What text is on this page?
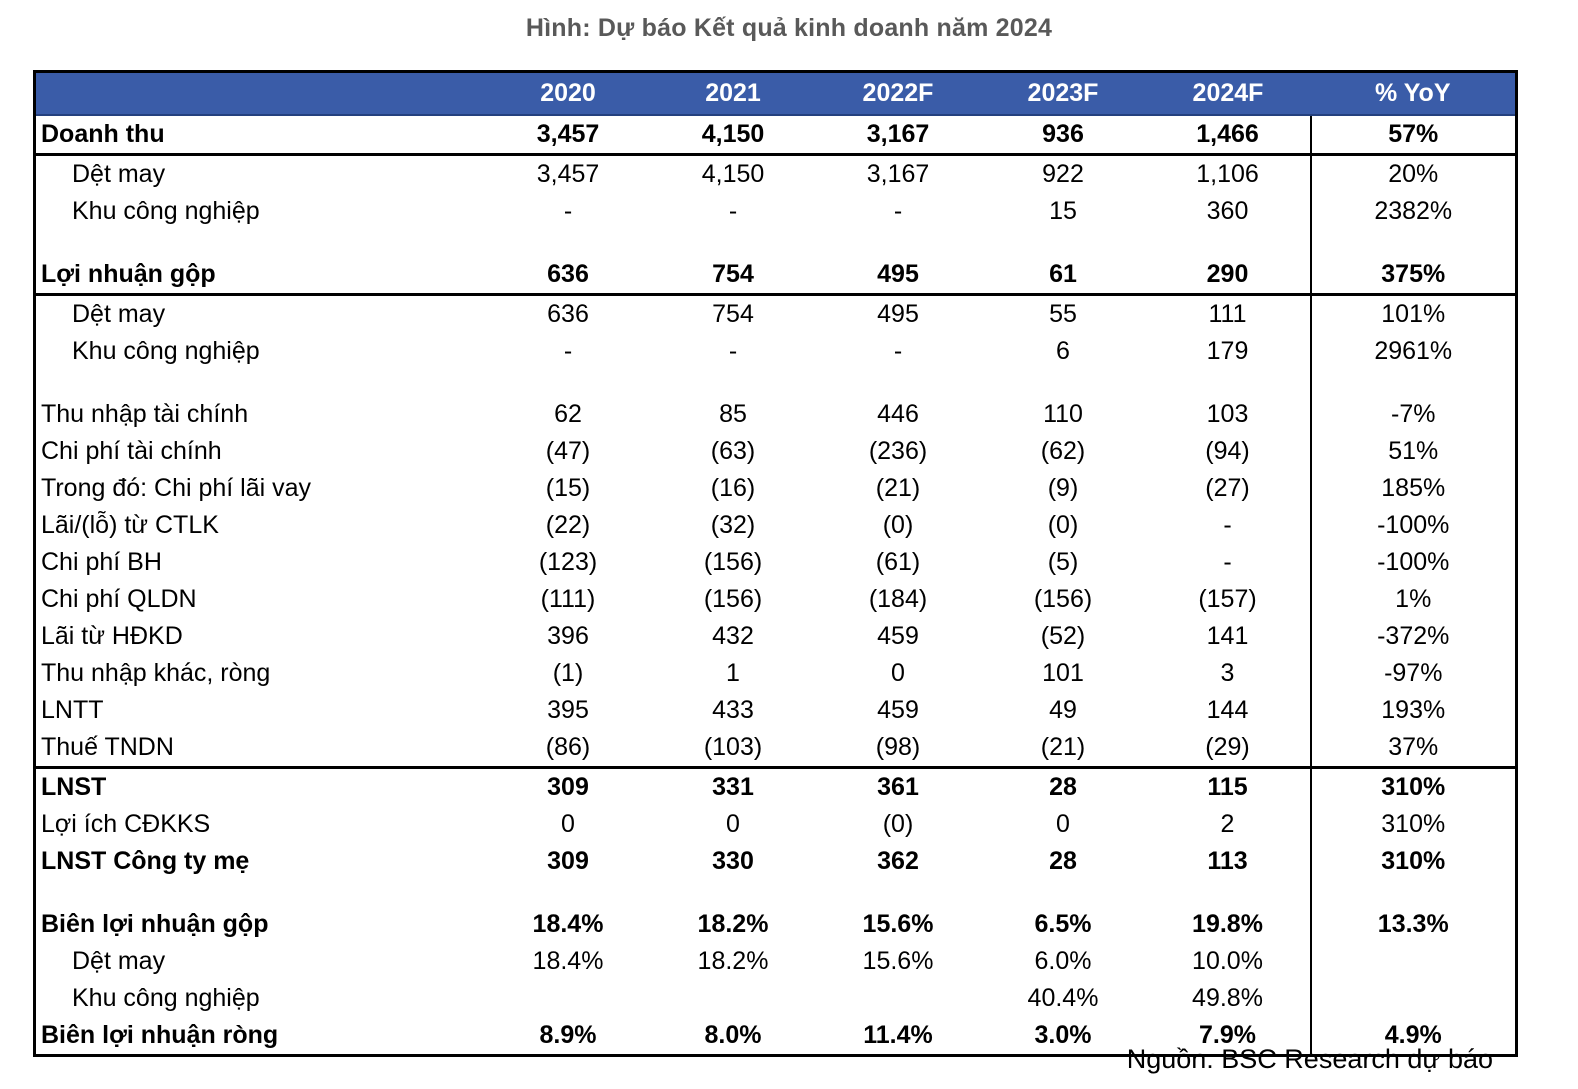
Hình: Dự báo Kết quả kinh doanh năm 2024
	2020	2021	2022F	2023F	2024F	% YoY
Doanh thu	3,457	4,150	3,167	936	1,466	57%
Dệt may	3,457	4,150	3,167	922	1,106	20%
Khu công nghiệp	-	-	-	15	360	2382%

Lợi nhuận gộp	636	754	495	61	290	375%
Dệt may	636	754	495	55	111	101%
Khu công nghiệp	-	-	-	6	179	2961%

Thu nhập tài chính	62	85	446	110	103	-7%
Chi phí tài chính	(47)	(63)	(236)	(62)	(94)	51%
Trong đó: Chi phí lãi vay	(15)	(16)	(21)	(9)	(27)	185%
Lãi/(lỗ) từ CTLK	(22)	(32)	(0)	(0)	-	-100%
Chi phí BH	(123)	(156)	(61)	(5)	-	-100%
Chi phí QLDN	(111)	(156)	(184)	(156)	(157)	1%
Lãi từ HĐKD	396	432	459	(52)	141	-372%
Thu nhập khác, ròng	(1)	1	0	101	3	-97%
LNTT	395	433	459	49	144	193%
Thuế TNDN	(86)	(103)	(98)	(21)	(29)	37%
LNST	309	331	361	28	115	310%
Lợi ích CĐKKS	0	0	(0)	0	2	310%
LNST Công ty mẹ	309	330	362	28	113	310%

Biên lợi nhuận gộp	18.4%	18.2%	15.6%	6.5%	19.8%	13.3%
Dệt may	18.4%	18.2%	15.6%	6.0%	10.0%	
Khu công nghiệp				40.4%	49.8%	
Biên lợi nhuận ròng	8.9%	8.0%	11.4%	3.0%	7.9%	4.9%
Nguồn: BSC Research dự báo
